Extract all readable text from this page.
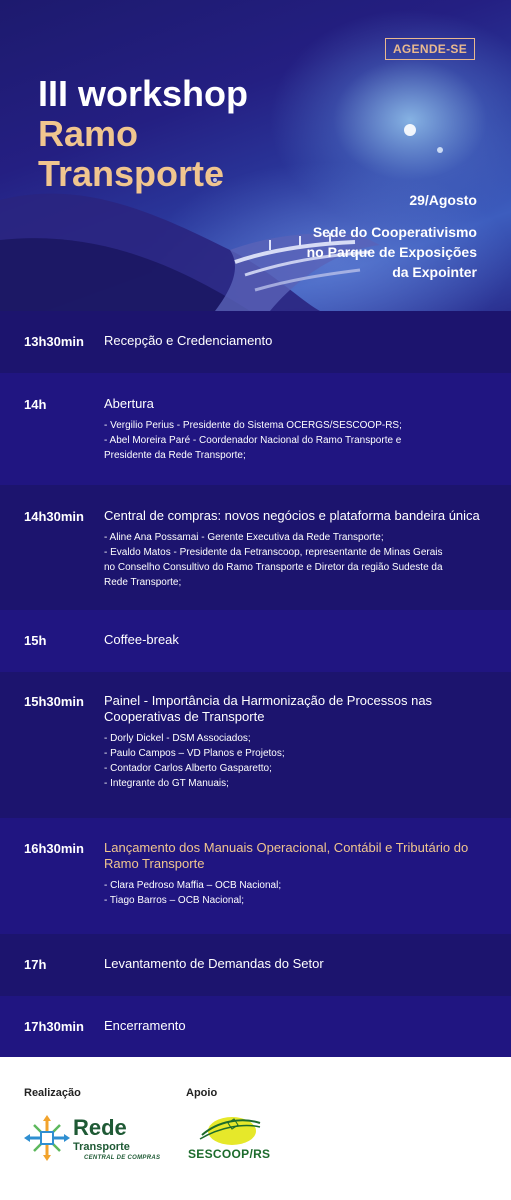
AGENDE-SE
III workshop
Ramo
Transporte
29/Agosto
Sede do Cooperativismo
no Parque de Exposições
da Expointer
13h30min Recepção e Credenciamento
14h	Abertura
- Vergilio Perius - Presidente do Sistema OCERGS/SESCOOP-RS;
- Abel Moreira Paré - Coordenador Nacional do Ramo Transporte e
Presidente da Rede Transporte;
14h30min Central de compras: novos negócios e plataforma bandeira única
- Aline Ana Possamai - Gerente Executiva da Rede Transporte;
- Evaldo Matos - Presidente da Fetranscoop, representante de Minas Gerais
no Conselho Consultivo do Ramo Transporte e Diretor da região Sudeste da
Rede Transporte;
15h	Coffee-break
15h30min Painel - Importância da Harmonização de Processos nas
Cooperativas de Transporte
- Dorly Dickel - DSM Associados;
- Paulo Campos – VD Planos e Projetos;
- Contador Carlos Alberto Gasparetto;
- Integrante do GT Manuais;
16h30min Lançamento dos Manuais Operacional, Contábil e Tributário do
Ramo Transporte
- Clara Pedroso Maffia – OCB Nacional;
- Tiago Barros – OCB Nacional;
17h	Levantamento de Demandas do Setor
17h30min Encerramento
Realização	Apoio
Rede
Transporte
CENTRAL DE COMPRAS SESCOOP/RS
